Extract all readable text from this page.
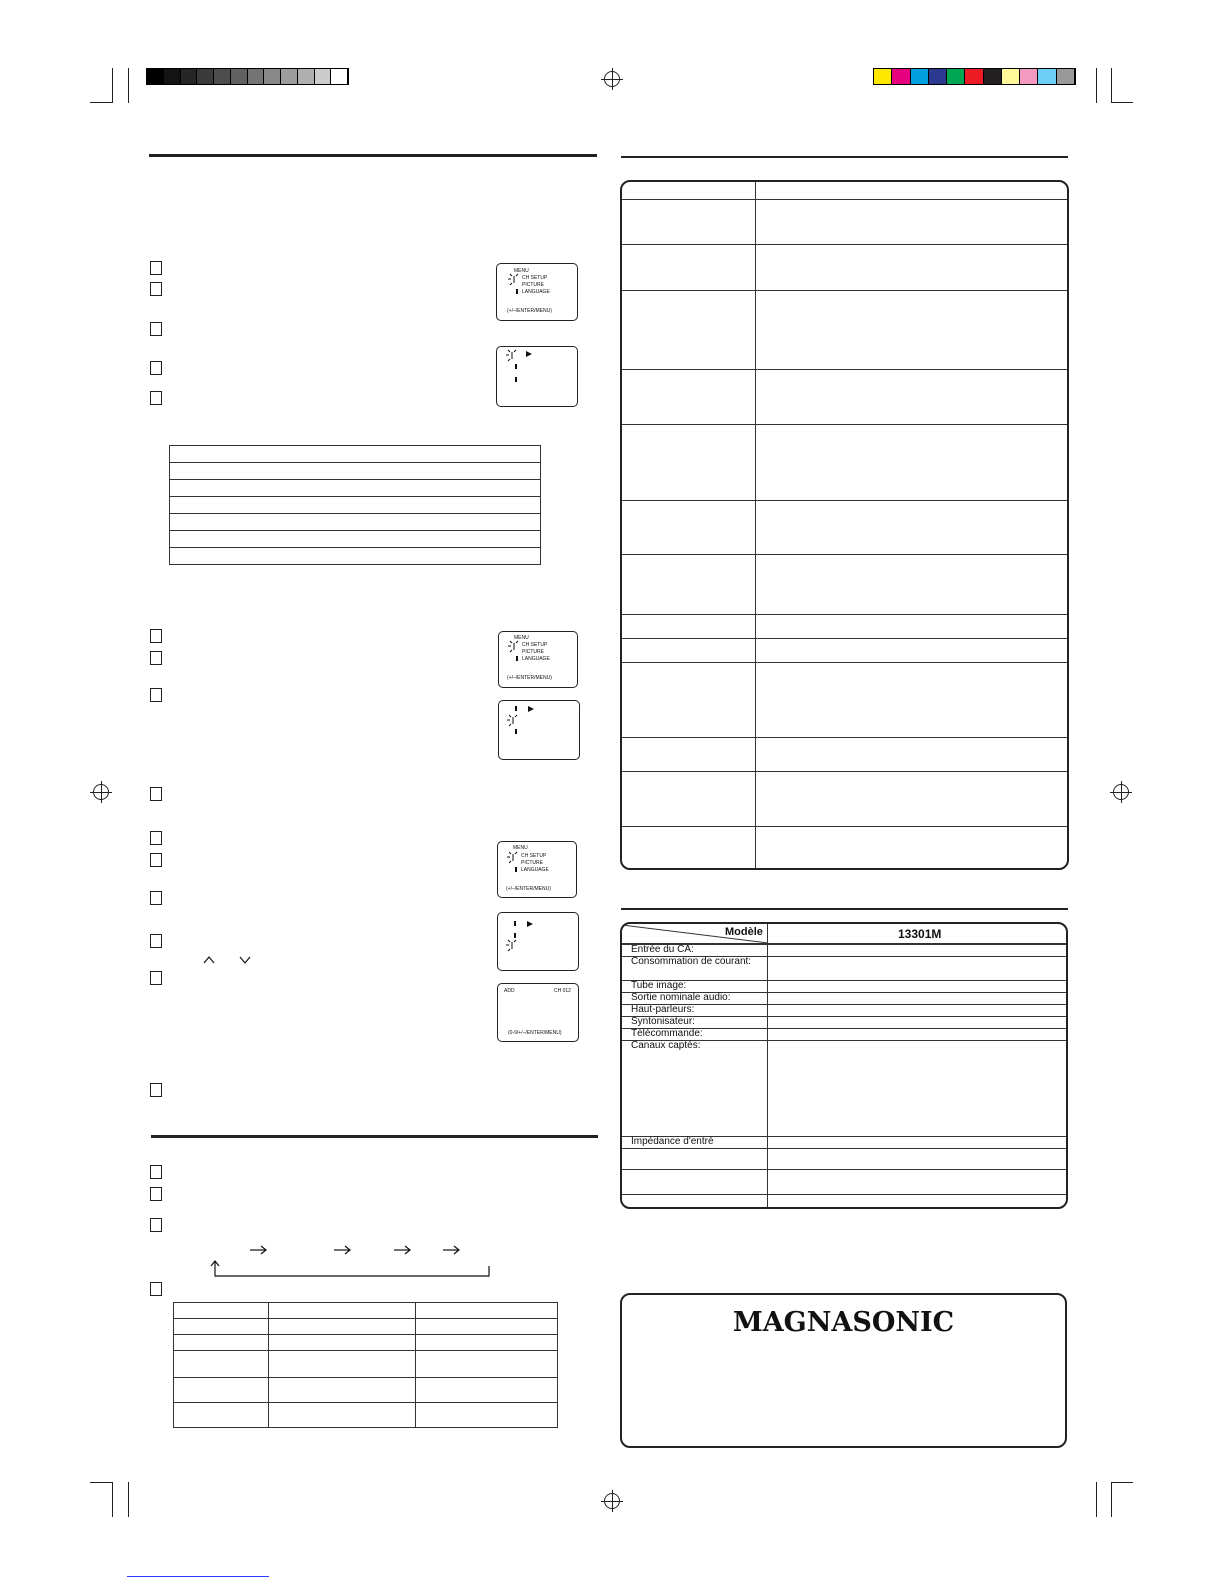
MENU
CH SETUP
PICTURE
LANGUAGE
(+/–/ENTER/MENU)

MENU
CH SETUP
PICTURE
LANGUAGE
(+/–/ENTER/MENU)
MENU
CH SETUP
PICTURE
LANGUAGE
(+/–/ENTER/MENU)
ADD	CH 012
(0-9/+/–/ENTER/MENU)

Modèle	13301M
Entrée du CA:
Consommation de courant:
Tube image:
Sortie nominale audio:
Haut-parleurs:
Syntonisateur:
Télécommande:
Canaux captés:
Impédance d'entré
MAGNASONIC
